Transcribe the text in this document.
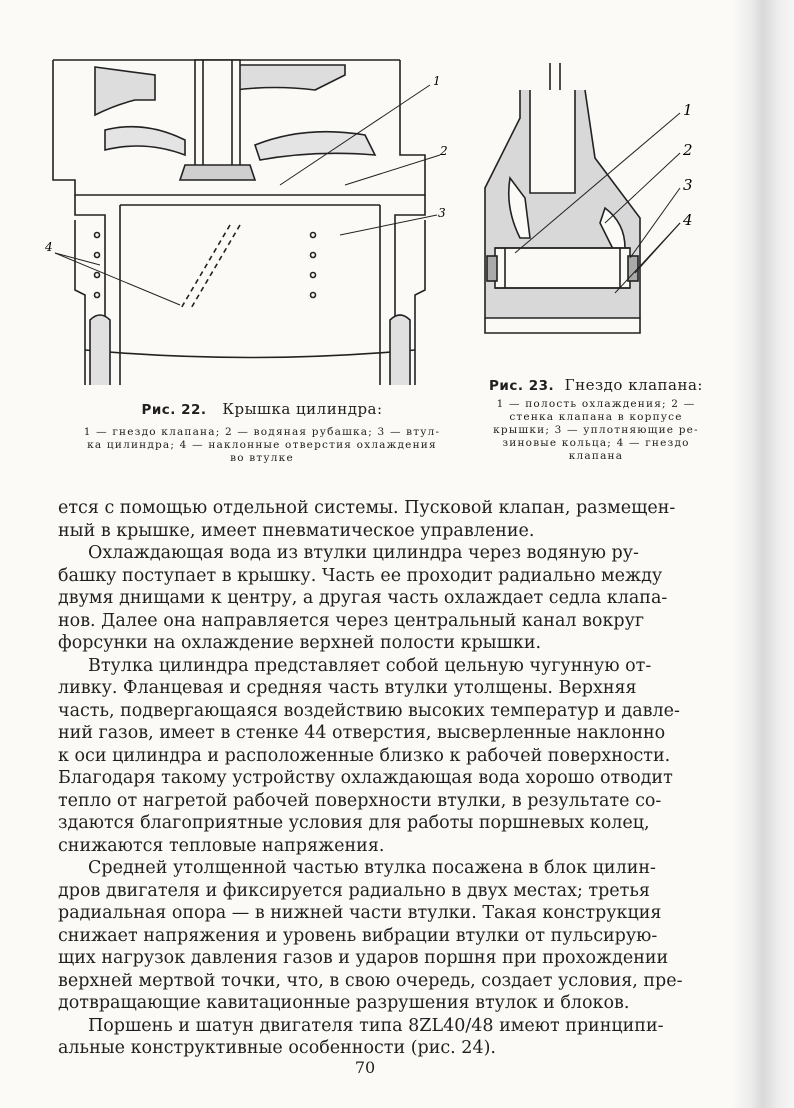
1
2
3
4
1
2
3
4
Рис. 22. Крышка цилиндра:
1 — гнездо клапана; 2 — водяная рубашка; 3 — втул-
ка цилиндра; 4 — наклонные отверстия охлаждения
во втулке
Рис. 23. Гнездо клапана:
1 — полость охлаждения; 2 —
стенка клапана в корпусе
крышки; 3 — уплотняющие ре-
зиновые кольца; 4 — гнездо
клапана

ется с помощью отдельной системы. Пусковой клапан, размещен-
ный в крышке, имеет пневматическое управление.

Охлаждающая вода из втулки цилиндра через водяную ру-
башку поступает в крышку. Часть ее проходит радиально между
двумя днищами к центру, а другая часть охлаждает седла клапа-
нов. Далее она направляется через центральный канал вокруг
форсунки на охлаждение верхней полости крышки.

Втулка цилиндра представляет собой цельную чугунную от-
ливку. Фланцевая и средняя часть втулки утолщены. Верхняя
часть, подвергающаяся воздействию высоких температур и давле-
ний газов, имеет в стенке 44 отверстия, высверленные наклонно
к оси цилиндра и расположенные близко к рабочей поверхности.
Благодаря такому устройству охлаждающая вода хорошо отводит
тепло от нагретой рабочей поверхности втулки, в результате со-
здаются благоприятные условия для работы поршневых колец,
снижаются тепловые напряжения.

Средней утолщенной частью втулка посажена в блок цилин-
дров двигателя и фиксируется радиально в двух местах; третья
радиальная опора — в нижней части втулки. Такая конструкция
снижает напряжения и уровень вибрации втулки от пульсирую-
щих нагрузок давления газов и ударов поршня при прохождении
верхней мертвой точки, что, в свою очередь, создает условия, пре-
дотвращающие кавитационные разрушения втулок и блоков.

Поршень и шатун двигателя типа 8ZL40/48 имеют принципи-
альные конструктивные особенности (рис. 24).

70
